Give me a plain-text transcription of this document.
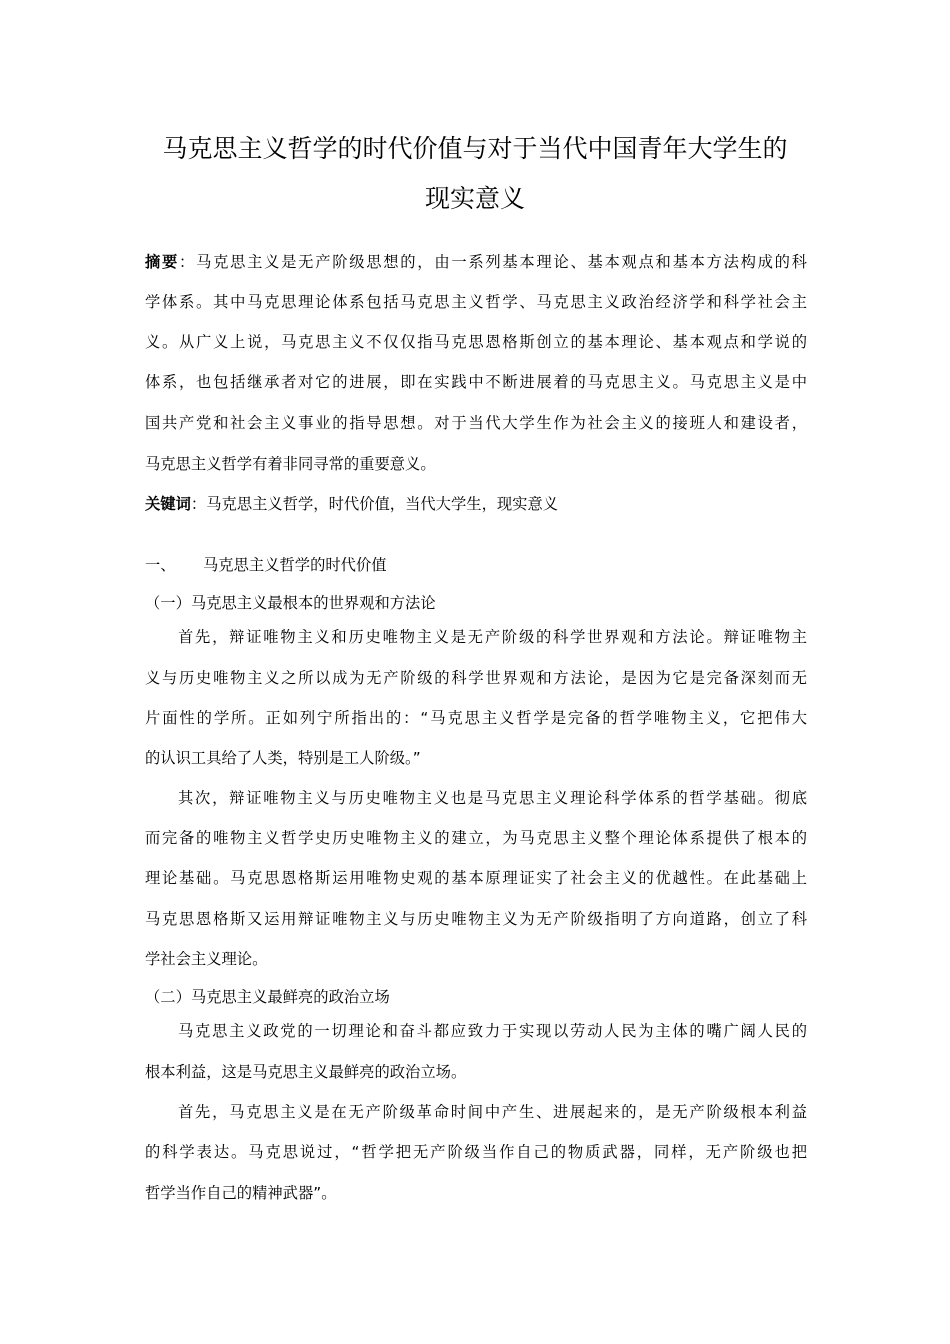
马克思主义哲学的时代价值与对于当代中国青年大学生的
现实意义
摘要：马克思主义是无产阶级思想的，由一系列基本理论、基本观点和基本方法构成的科
学体系。其中马克思理论体系包括马克思主义哲学、马克思主义政治经济学和科学社会主
义。从广义上说，马克思主义不仅仅指马克思恩格斯创立的基本理论、基本观点和学说的
体系，也包括继承者对它的进展，即在实践中不断进展着的马克思主义。马克思主义是中
国共产党和社会主义事业的指导思想。对于当代大学生作为社会主义的接班人和建设者，
马克思主义哲学有着非同寻常的重要意义。
关键词：马克思主义哲学，时代价值，当代大学生，现实意义
一、 马克思主义哲学的时代价值
（一）马克思主义最根本的世界观和方法论
首先，辩证唯物主义和历史唯物主义是无产阶级的科学世界观和方法论。辩证唯物主
义与历史唯物主义之所以成为无产阶级的科学世界观和方法论，是因为它是完备深刻而无
片面性的学所。正如列宁所指出的：“马克思主义哲学是完备的哲学唯物主义，它把伟大
的认识工具给了人类，特别是工人阶级。”
其次，辩证唯物主义与历史唯物主义也是马克思主义理论科学体系的哲学基础。彻底
而完备的唯物主义哲学史历史唯物主义的建立，为马克思主义整个理论体系提供了根本的
理论基础。马克思恩格斯运用唯物史观的基本原理证实了社会主义的优越性。在此基础上
马克思恩格斯又运用辩证唯物主义与历史唯物主义为无产阶级指明了方向道路，创立了科
学社会主义理论。
（二）马克思主义最鲜亮的政治立场
马克思主义政党的一切理论和奋斗都应致力于实现以劳动人民为主体的嘴广阔人民的
根本利益，这是马克思主义最鲜亮的政治立场。
首先，马克思主义是在无产阶级革命时间中产生、进展起来的，是无产阶级根本利益
的科学表达。马克思说过，“哲学把无产阶级当作自己的物质武器，同样，无产阶级也把
哲学当作自己的精神武器”。
